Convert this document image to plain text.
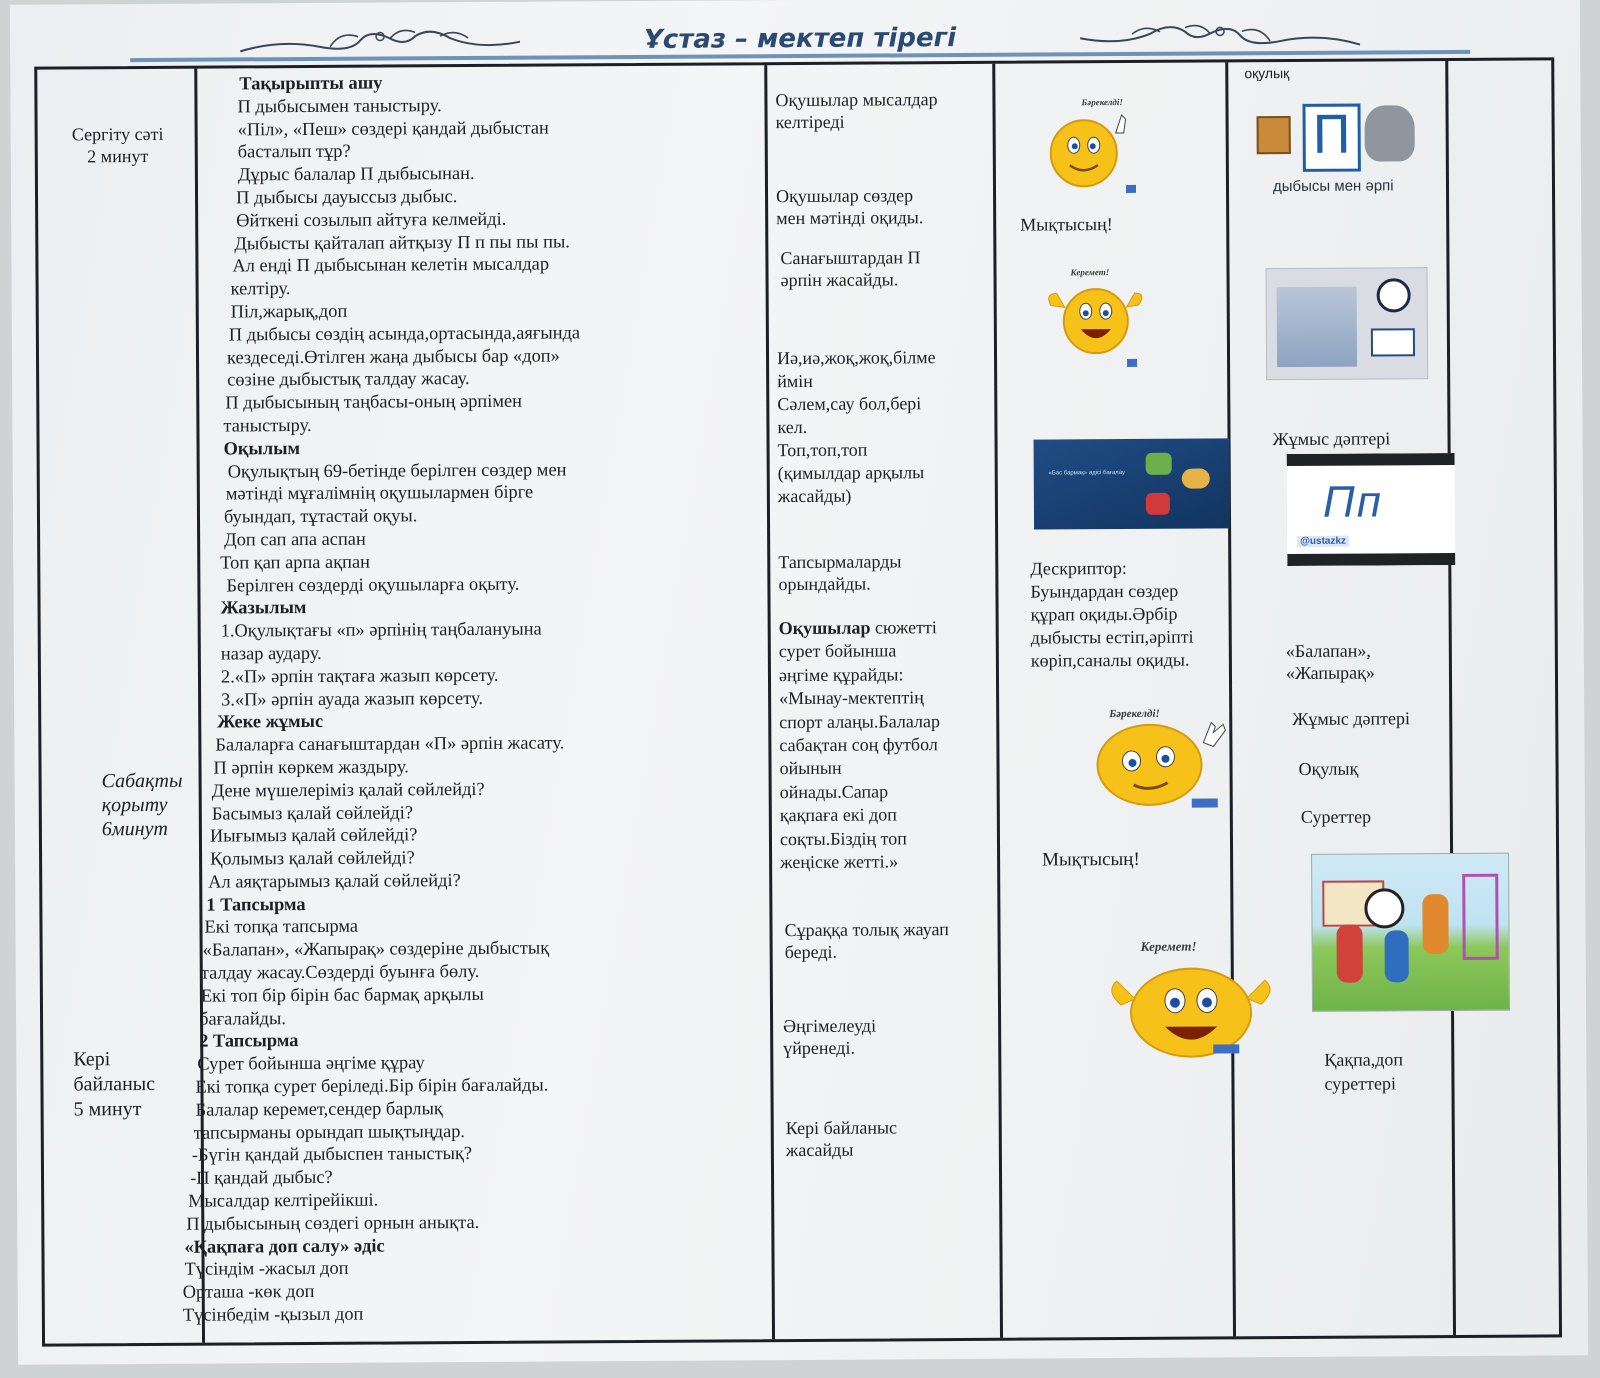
Ұстаз – мектеп тірегі
Сергіту сәті
2 минут
Сабақты
қорыту
6минут
Кері
байланыс
5 минут
Тақырыпты ашу
П дыбысымен таныстыру.
«Піл», «Пеш» сөздері қандай дыбыстан
басталып тұр?
Дұрыс балалар П дыбысынан.
П дыбысы дауыссыз дыбыс.
Өйткені созылып айтуға келмейді.
Дыбысты қайталап айтқызу П п пы пы пы.
Ал енді П дыбысынан келетін мысалдар
келтіру.
Піл,жарық,доп
П дыбысы сөздің асында,ортасында,аяғында
кездеседі.Өтілген жаңа дыбысы бар «доп»
сөзіне дыбыстық талдау жасау.
П дыбысының таңбасы-оның әрпімен
таныстыру.
Оқылым
Оқулықтың 69-бетінде берілген сөздер мен
мәтінді мұғалімнің оқушылармен бірге
буындап, тұтастай оқуы.
Доп сап апа аспан
Топ қап арпа ақпан
Берілген сөздерді оқушыларға оқыту.
Жазылым
1.Оқулықтағы «п» әрпінің таңбалануына
назар аудару.
2.«П» әрпін тақтаға жазып көрсету.
3.«П» әрпін ауада жазып көрсету.
Жеке жұмыс
Балаларға санағыштардан «П» әрпін жасату.
П әрпін көркем жаздыру.
Дене мүшелеріміз қалай сөйлейді?
Басымыз қалай сөйлейді?
Иығымыз қалай сөйлейді?
Қолымыз қалай сөйлейді?
Ал аяқтарымыз қалай сөйлейді?
1 Тапсырма
Екі топқа тапсырма
«Балапан», «Жапырақ» сөздеріне дыбыстық
талдау жасау.Сөздерді буынға бөлу.
Екі топ бір бірін бас бармақ арқылы
бағалайды.
2 Тапсырма
Сурет бойынша әңгіме құрау
Екі топқа сурет беріледі.Бір бірін бағалайды.
Балалар керемет,сендер барлық
тапсырманы орындап шықтыңдар.
-Бүгін қандай дыбыспен таныстық?
-П қандай дыбыс?
Мысалдар келтірейікші.
П дыбысының сөздегі орнын анықта.
«Қақпаға доп салу» әдіс
Түсіндім -жасыл доп
Орташа -көк доп
Түсінбедім -қызыл доп
Оқушылар мысалдар
келтіреді
Оқушылар сөздер
мен мәтінді оқиды.
Санағыштардан П
әрпін жасайды.
Иә,иә,жоқ,жоқ,білме
ймін
Сәлем,сау бол,бері
кел.
Топ,топ,топ
(қимылдар арқылы
жасайды)
Тапсырмаларды
орындайды.
Оқушылар сюжетті
сурет бойынша
әңгіме құрайды:
«Мынау-мектептің
спорт алаңы.Балалар
сабақтан соң футбол
ойынын
ойнады.Сапар
қақпаға екі доп
соқты.Біздің топ
жеңіске жетті.»
Сұраққа толық жауап
береді.
Әңгімелеуді
үйренеді.
Кері байланыс
жасайды
Бәрекелді!
Мықтысың!
Керемет!
«Бас бармақ» әдісі бағалау
Дескриптор:
Буындардан сөздер
құрап оқиды.Әрбір
дыбысты естіп,әріпті
көріп,саналы оқиды.
Бәрекелді!
Мықтысың!
Керемет!
оқулық
П
дыбысы мен әрпі
Жұмыс дәптері
Пп
@ustazkz
«Балапан»,
«Жапырақ»
Жұмыс дәптері
Оқулық
Суреттер
Қақпа,доп
суреттері
